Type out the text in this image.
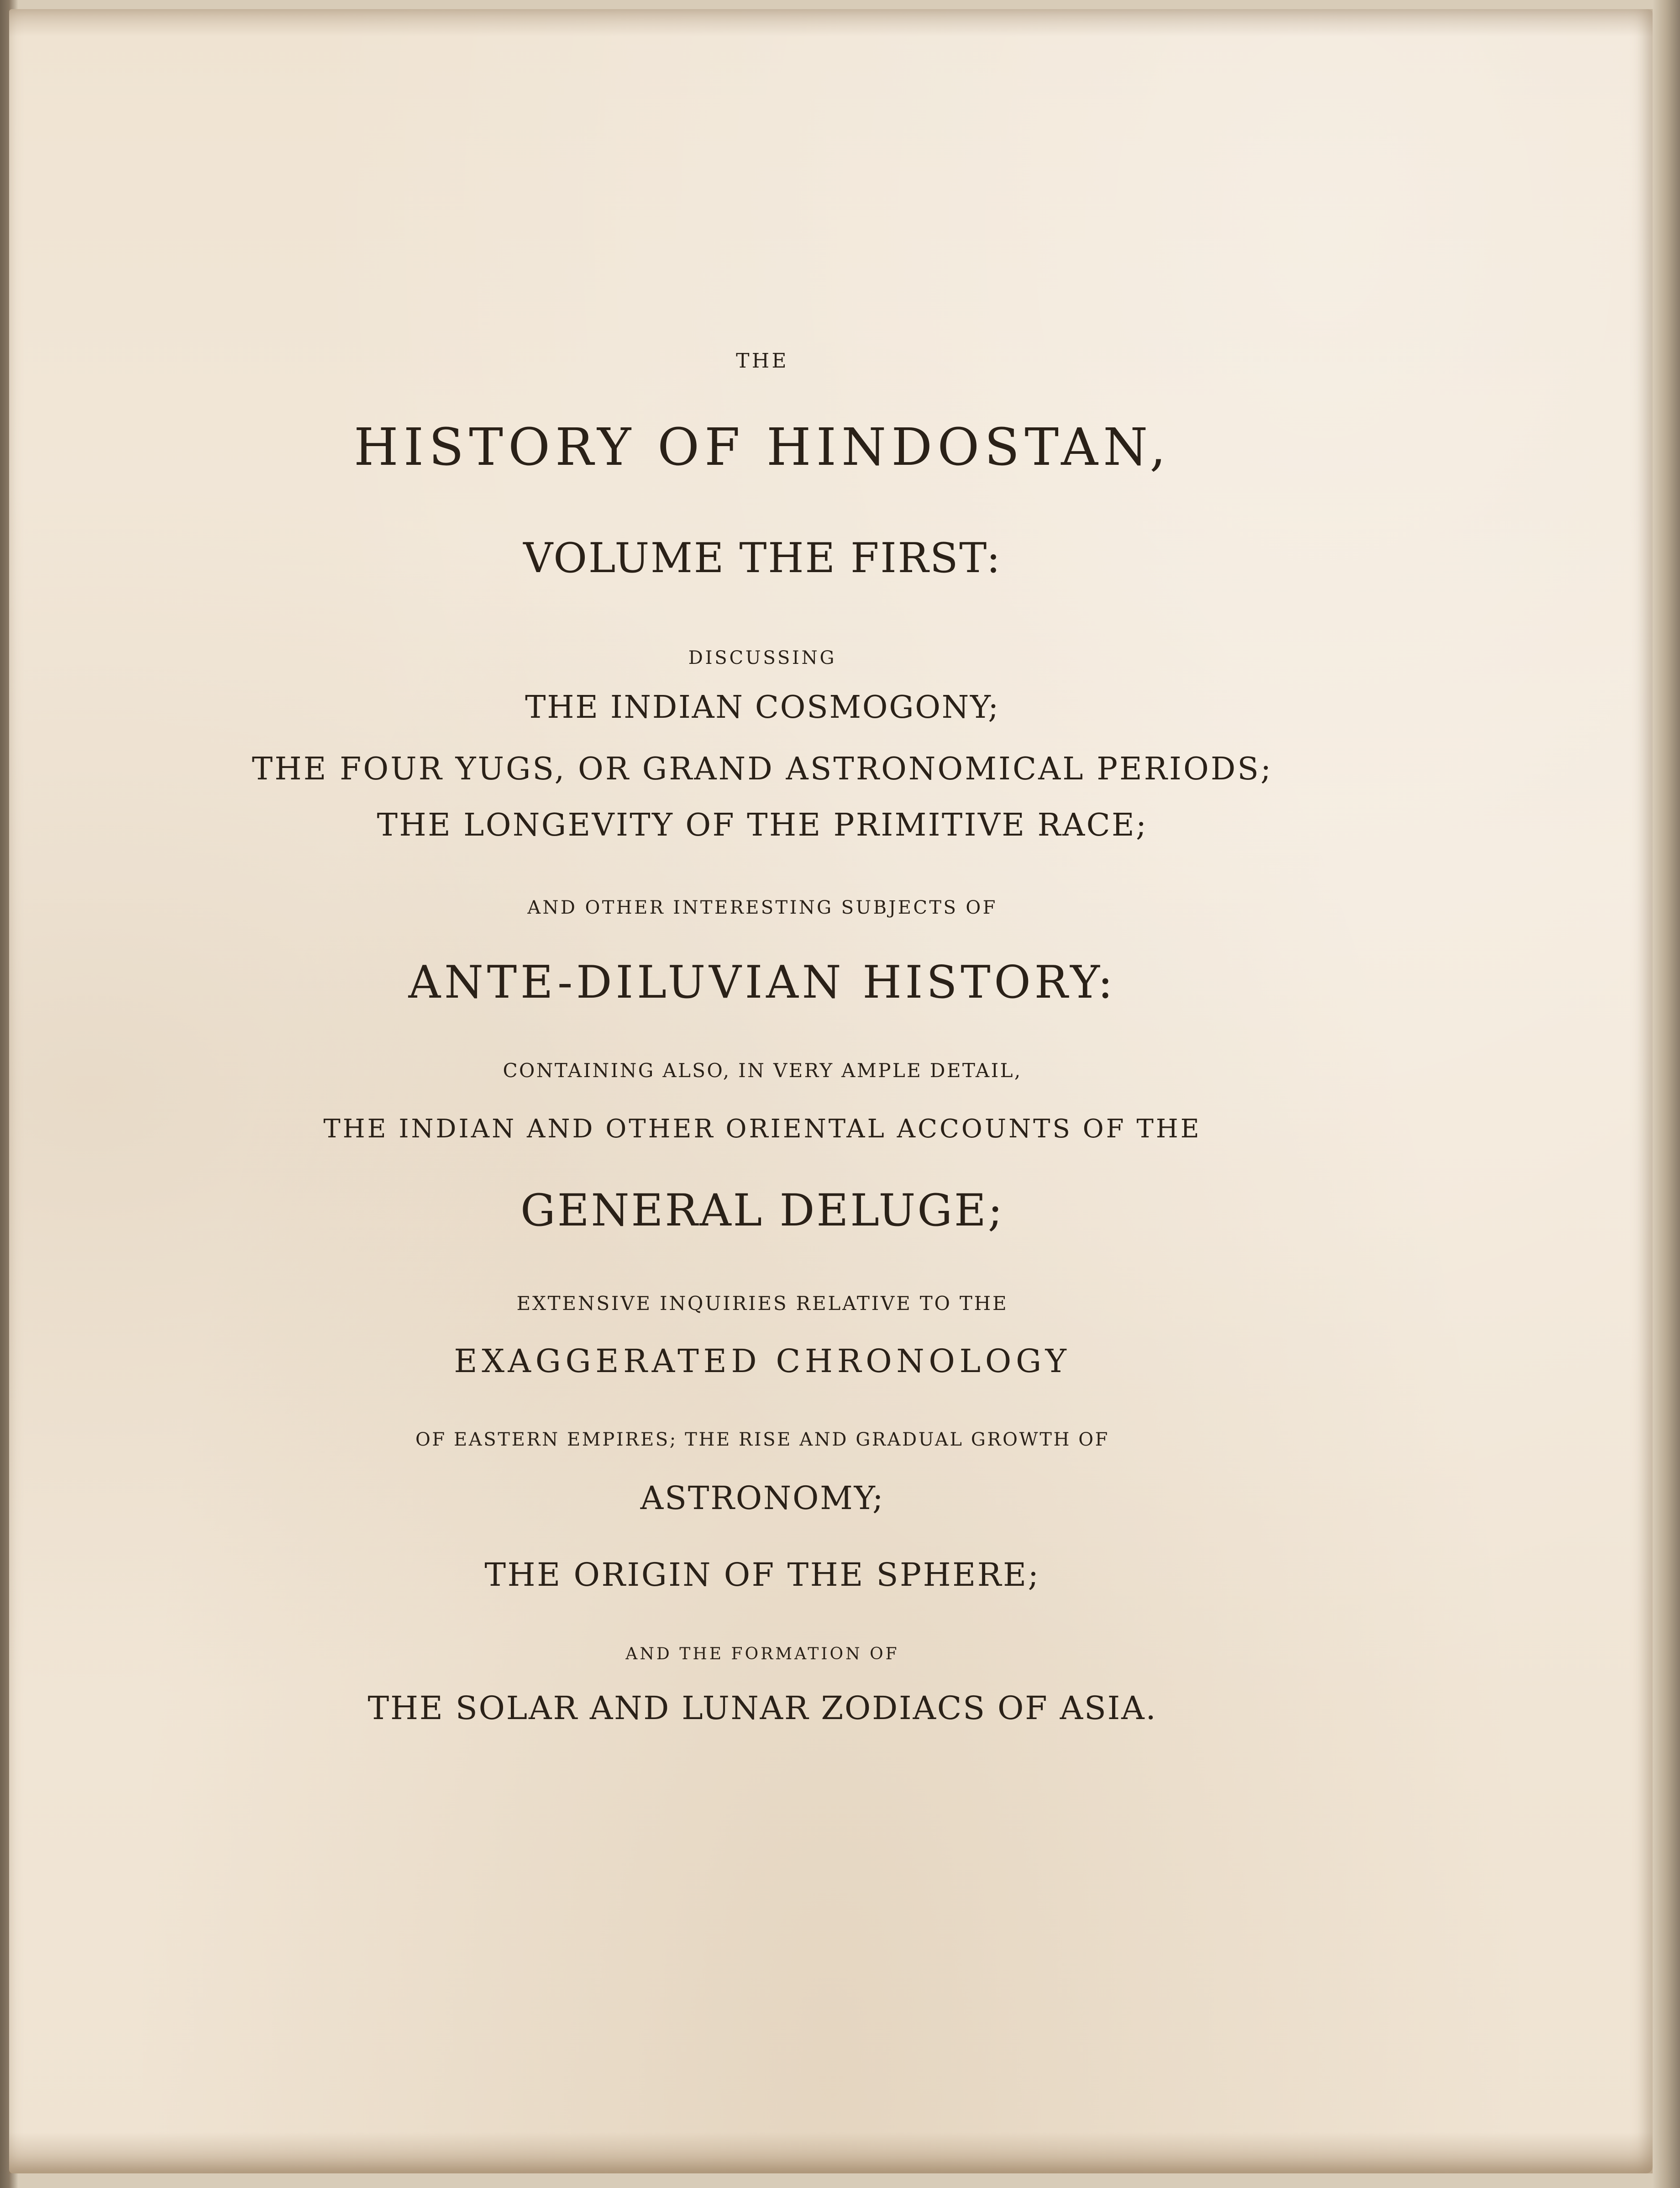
THE
HISTORY OF HINDOSTAN,
VOLUME THE FIRST:
DISCUSSING
THE INDIAN COSMOGONY;
THE FOUR YUGS, OR GRAND ASTRONOMICAL PERIODS;
THE LONGEVITY OF THE PRIMITIVE RACE;
AND OTHER INTERESTING SUBJECTS OF
ANTE-DILUVIAN HISTORY:
CONTAINING ALSO, IN VERY AMPLE DETAIL,
THE INDIAN AND OTHER ORIENTAL ACCOUNTS OF THE
GENERAL DELUGE;
EXTENSIVE INQUIRIES RELATIVE TO THE
EXAGGERATED CHRONOLOGY
OF EASTERN EMPIRES; THE RISE AND GRADUAL GROWTH OF
ASTRONOMY;
THE ORIGIN OF THE SPHERE;
AND THE FORMATION OF
THE SOLAR AND LUNAR ZODIACS OF ASIA.
